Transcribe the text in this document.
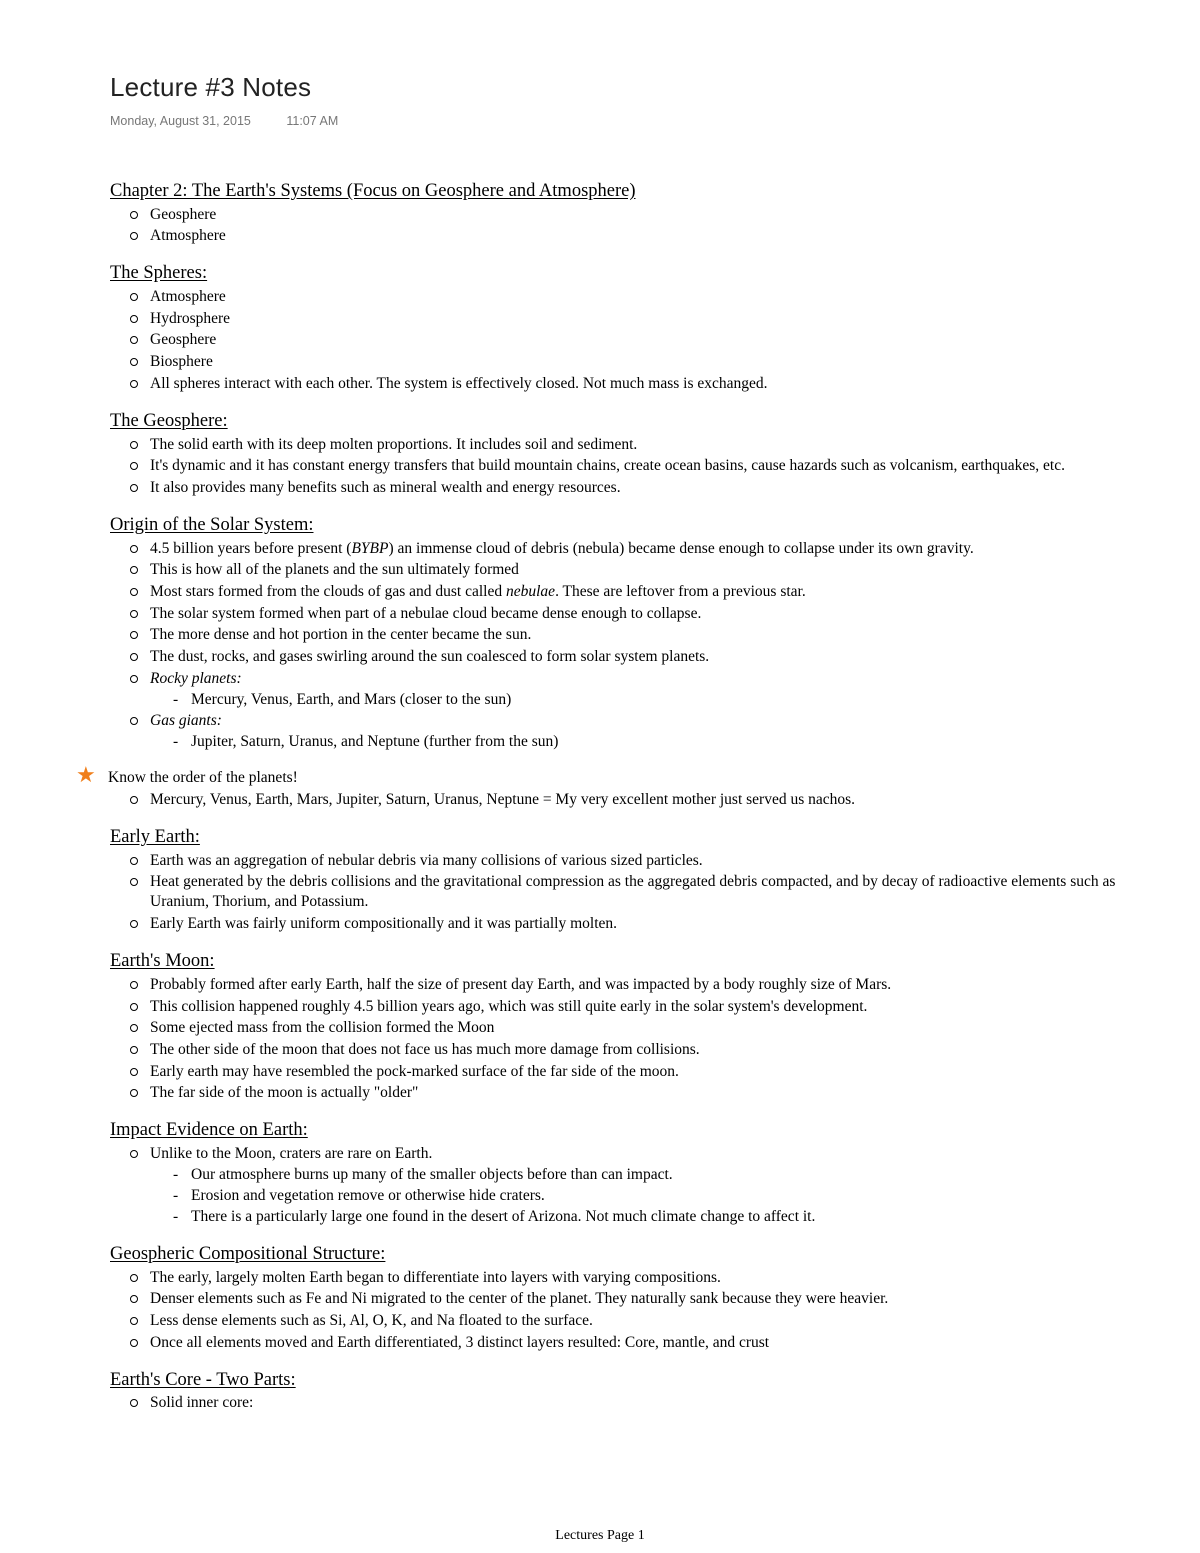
Lecture #3 Notes
Monday, August 31, 2015	11:07 AM
Chapter 2: The Earth's Systems (Focus on Geosphere and Atmosphere)
Geosphere
Atmosphere
The Spheres:
Atmosphere
Hydrosphere
Geosphere
Biosphere
All spheres interact with each other. The system is effectively closed. Not much mass is exchanged.
The Geosphere:
The solid earth with its deep molten proportions. It includes soil and sediment.
It's dynamic and it has constant energy transfers that build mountain chains, create ocean basins, cause hazards such as volcanism, earthquakes, etc.
It also provides many benefits such as mineral wealth and energy resources.
Origin of the Solar System:
4.5 billion years before present (BYBP) an immense cloud of debris (nebula) became dense enough to collapse under its own gravity.
This is how all of the planets and the sun ultimately formed
Most stars formed from the clouds of gas and dust called nebulae. These are leftover from a previous star.
The solar system formed when part of a nebulae cloud became dense enough to collapse.
The more dense and hot portion in the center became the sun.
The dust, rocks, and gases swirling around the sun coalesced to form solar system planets.
Rocky planets:
- Mercury, Venus, Earth, and Mars (closer to the sun)
Gas giants:
- Jupiter, Saturn, Uranus, and Neptune (further from the sun)
★ Know the order of the planets!
Mercury, Venus, Earth, Mars, Jupiter, Saturn, Uranus, Neptune = My very excellent mother just served us nachos.
Early Earth:
Earth was an aggregation of nebular debris via many collisions of various sized particles.
Heat generated by the debris collisions and the gravitational compression as the aggregated debris compacted, and by decay of radioactive elements such as Uranium, Thorium, and Potassium.
Early Earth was fairly uniform compositionally and it was partially molten.
Earth's Moon:
Probably formed after early Earth, half the size of present day Earth, and was impacted by a body roughly size of Mars.
This collision happened roughly 4.5 billion years ago, which was still quite early in the solar system's development.
Some ejected mass from the collision formed the Moon
The other side of the moon that does not face us has much more damage from collisions.
Early earth may have resembled the pock-marked surface of the far side of the moon.
The far side of the moon is actually "older"
Impact Evidence on Earth:
Unlike to the Moon, craters are rare on Earth.
- Our atmosphere burns up many of the smaller objects before than can impact.
- Erosion and vegetation remove or otherwise hide craters.
- There is a particularly large one found in the desert of Arizona. Not much climate change to affect it.
Geospheric Compositional Structure:
The early, largely molten Earth began to differentiate into layers with varying compositions.
Denser elements such as Fe and Ni migrated to the center of the planet. They naturally sank because they were heavier.
Less dense elements such as Si, Al, O, K, and Na floated to the surface.
Once all elements moved and Earth differentiated, 3 distinct layers resulted: Core, mantle, and crust
Earth's Core - Two Parts:
Solid inner core:
Lectures Page 1
